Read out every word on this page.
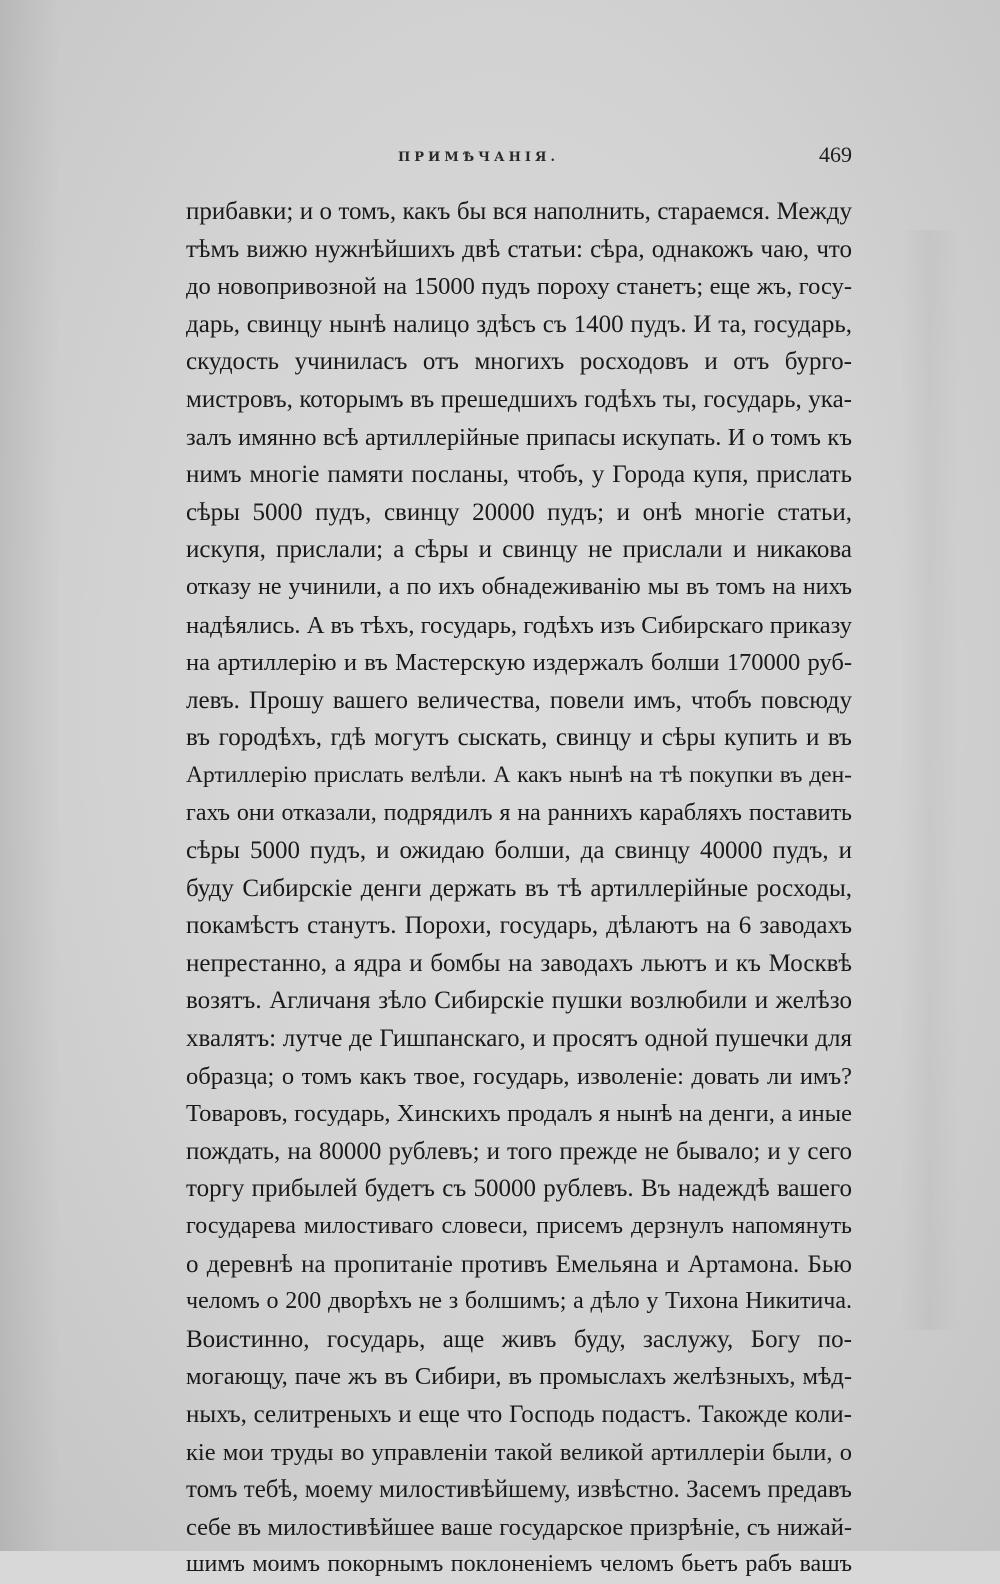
ПРИМѢЧАНІЯ.	469
прибавки; и о томъ, какъ бы вся наполнить, стараемся. Между
тѣмъ вижю нужнѣйшихъ двѣ статьи: сѣра, однакожъ чаю, что
до новопривозной на 15000 пудъ пороху станетъ; еще жъ, госу-
дарь, свинцу нынѣ налицо здѣсъ съ 1400 пудъ. И та, государь,
скудость учиниласъ отъ многихъ росходовъ и отъ бурго-
мистровъ, которымъ въ прешедшихъ годѣхъ ты, государь, ука-
залъ имянно всѣ артиллерiйные припасы искупать. И о томъ къ
нимъ многiе памяти посланы, чтобъ, у Города купя, прислать
сѣры 5000 пудъ, свинцу 20000 пудъ; и онѣ многiе статьи,
искупя, прислали; а сѣры и свинцу не прислали и никакова
отказу не учинили, а по ихъ обнадеживанiю мы въ томъ на нихъ
надѣялись. А въ тѣхъ, государь, годѣхъ изъ Сибирскаго приказу
на артиллерiю и въ Мастерскую издержалъ болши 170000 руб-
левъ. Прошу вашего величества, повели имъ, чтобъ повсюду
въ городѣхъ, гдѣ могутъ сыскать, свинцу и сѣры купить и въ
Артиллерiю прислать велѣли. А какъ нынѣ на тѣ покупки въ ден-
гахъ они отказали, подрядилъ я на раннихъ карабляхъ поставить
сѣры 5000 пудъ, и ожидаю болши, да свинцу 40000 пудъ, и
буду Сибирскiе денги держать въ тѣ артиллерiйные росходы,
покамѣстъ станутъ. Порохи, государь, дѣлаютъ на 6 заводахъ
непрестанно, а ядра и бомбы на заводахъ льютъ и къ Москвѣ
возятъ. Агличаня зѣло Сибирскiе пушки возлюбили и желѣзо
хвалятъ: лутче де Гишпанскаго, и просятъ одной пушечки для
образца; о томъ какъ твое, государь, изволенiе: довать ли имъ?
Товаровъ, государь, Хинскихъ продалъ я нынѣ на денги, а иные
пождать, на 80000 рублевъ; и того прежде не бывало; и у сего
торгу прибылей будетъ съ 50000 рублевъ. Въ надеждѣ вашего
государева милостиваго словеси, присемъ дерзнулъ напомянуть
о деревнѣ на пропитанiе противъ Емельяна и Артамона. Бью
челомъ о 200 дворѣхъ не з болшимъ; а дѣло у Тихона Никитича.
Воистинно, государь, аще живъ буду, заслужу, Богу по-
могающу, паче жъ въ Сибири, въ промыслахъ желѣзныхъ, мѣд-
ныхъ, селитреныхъ и еще что Господь подастъ. Такожде коли-
кiе мои труды во управленiи такой великой артиллерiи были, о
томъ тебѣ, моему милостивѣйшему, извѣстно. Засемъ предавъ
себе въ милостивѣйшее ваше государское призрѣнiе, съ нижай-
шимъ моимъ покорнымъ поклоненiемъ челомъ бьетъ рабъ вашъ
